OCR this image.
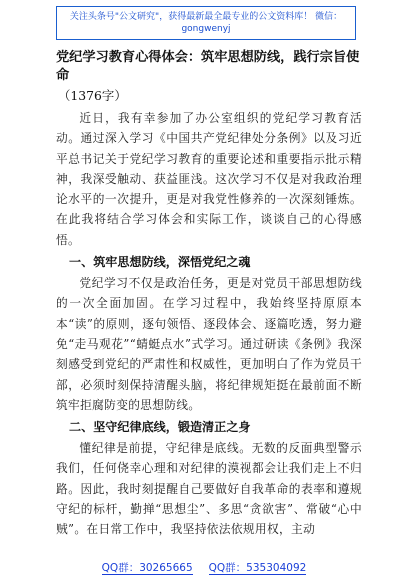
关注头条号"公文研究"，获得最新最全最专业的公文资料库！ 微信：gongwenyj

党纪学习教育心得体会：筑牢思想防线，践行宗旨使命

（1376字）

近日，我有幸参加了办公室组织的党纪学习教育活动。通过深入学习《中国共产党纪律处分条例》以及习近平总书记关于党纪学习教育的重要论述和重要指示批示精神，我深受触动、获益匪浅。这次学习不仅是对我政治理论水平的一次提升，更是对我党性修养的一次深刻锤炼。在此我将结合学习体会和实际工作，谈谈自己的心得感悟。

一、筑牢思想防线，深悟党纪之魂

党纪学习不仅是政治任务，更是对党员干部思想防线的一次全面加固。在学习过程中，我始终坚持原原本本“读”的原则，逐句领悟、逐段体会、逐篇吃透，努力避免“走马观花”“蜻蜓点水”式学习。通过研读《条例》我深刻感受到党纪的严肃性和权威性，更加明白了作为党员干部，必须时刻保持清醒头脑，将纪律规矩挺在最前面不断筑牢拒腐防变的思想防线。

二、坚守纪律底线，锻造清正之身

懂纪律是前提，守纪律是底线。无数的反面典型警示我们，任何侥幸心理和对纪律的漠视都会让我们走上不归路。因此，我时刻提醒自己要做好自我革命的表率和遵规守纪的标杆，勤掸“思想尘”、多思“贪欲害”、常破“心中贼”。在日常工作中，我坚持依法依规用权，主动

QQ群：30265665 QQ群：535304092
